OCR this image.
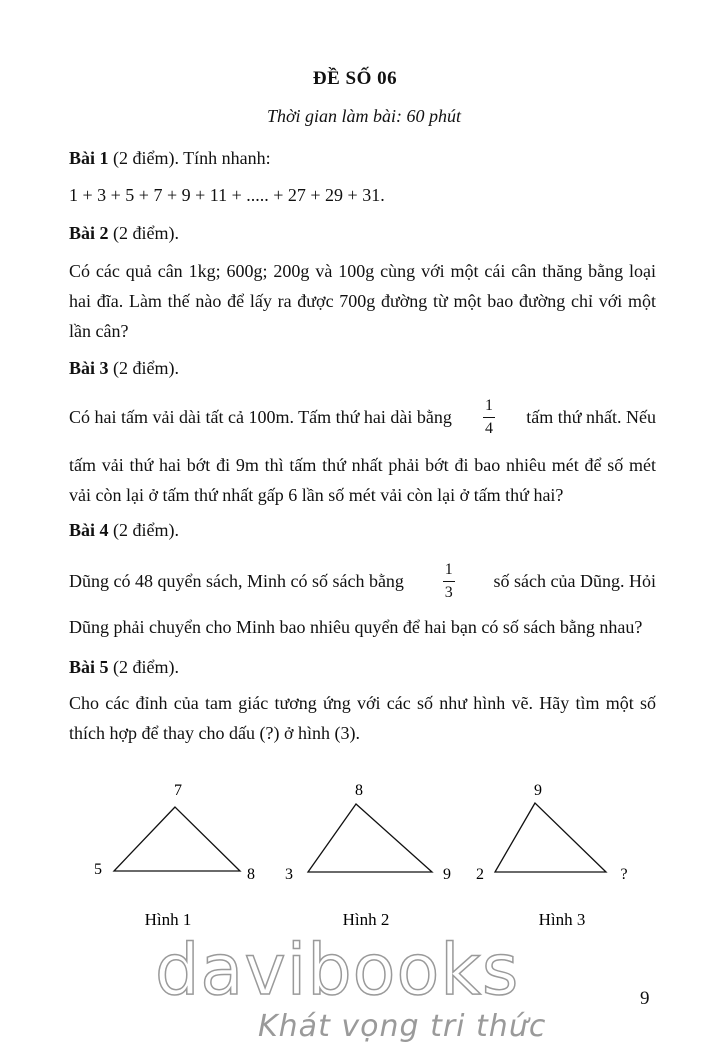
ĐỀ SỐ 06
Thời gian làm bài: 60 phút
Bài 1 (2 điểm). Tính nhanh:
1 + 3 + 5 + 7 + 9 + 11 + ..... + 27 + 29 + 31.
Bài 2 (2 điểm).
Có các quả cân 1kg; 600g; 200g và 100g cùng với một cái cân thăng bằng loại hai đĩa. Làm thế nào để lấy ra được 700g đường từ một bao đường chỉ với một lần cân?
Bài 3 (2 điểm).
Có hai tấm vải dài tất cả 100m. Tấm thứ hai dài bằng $\frac{1}{4}$ tấm thứ nhất. Nếu
tấm vải thứ hai bớt đi 9m thì tấm thứ nhất phải bớt đi bao nhiêu mét để số mét vải còn lại ở tấm thứ nhất gấp 6 lần số mét vải còn lại ở tấm thứ hai?
Bài 4 (2 điểm).
Dũng có 48 quyển sách, Minh có số sách bằng $\frac{1}{3}$ số sách của Dũng. Hỏi
Dũng phải chuyển cho Minh bao nhiêu quyển để hai bạn có số sách bằng nhau?
Bài 5 (2 điểm).
Cho các đỉnh của tam giác tương ứng với các số như hình vẽ. Hãy tìm một số thích hợp để thay cho dấu (?) ở hình (3).
7
5	8
Hình 1
8
3	9
Hình 2
9
2	?
Hình 3
davibooks
Khát vọng tri thức
9
